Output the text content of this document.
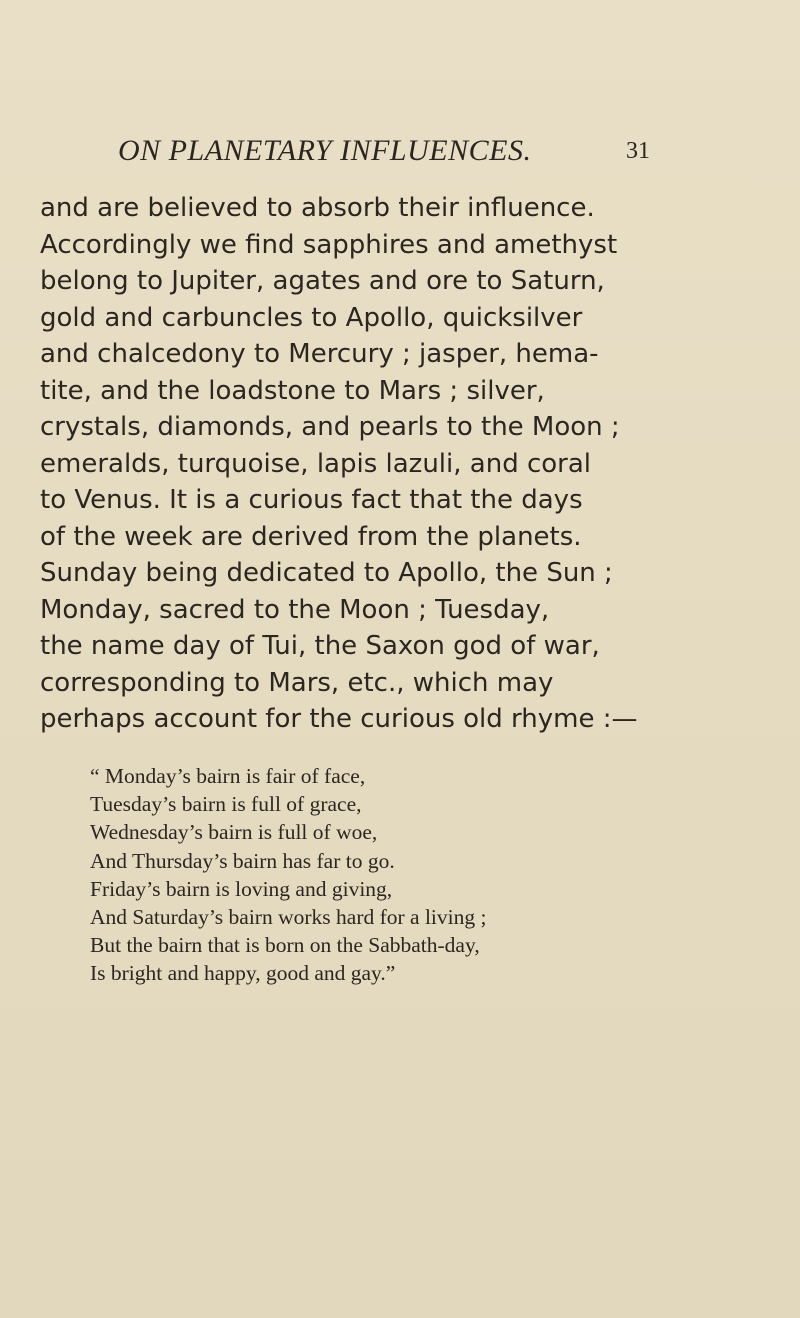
ON PLANETARY INFLUENCES.	31
and are believed to absorb their influence.
Accordingly we find sapphires and amethyst
belong to Jupiter, agates and ore to Saturn,
gold and carbuncles to Apollo, quicksilver
and chalcedony to Mercury ; jasper, hema-
tite, and the loadstone to Mars ; silver,
crystals, diamonds, and pearls to the Moon ;
emeralds, turquoise, lapis lazuli, and coral
to Venus. It is a curious fact that the days
of the week are derived from the planets.
Sunday being dedicated to Apollo, the Sun ;
Monday, sacred to the Moon ; Tuesday,
the name day of Tui, the Saxon god of war,
corresponding to Mars, etc., which may
perhaps account for the curious old rhyme :—
“ Monday’s bairn is fair of face,
Tuesday’s bairn is full of grace,
Wednesday’s bairn is full of woe,
And Thursday’s bairn has far to go.
Friday’s bairn is loving and giving,
And Saturday’s bairn works hard for a living ;
But the bairn that is born on the Sabbath-day,
Is bright and happy, good and gay.”
